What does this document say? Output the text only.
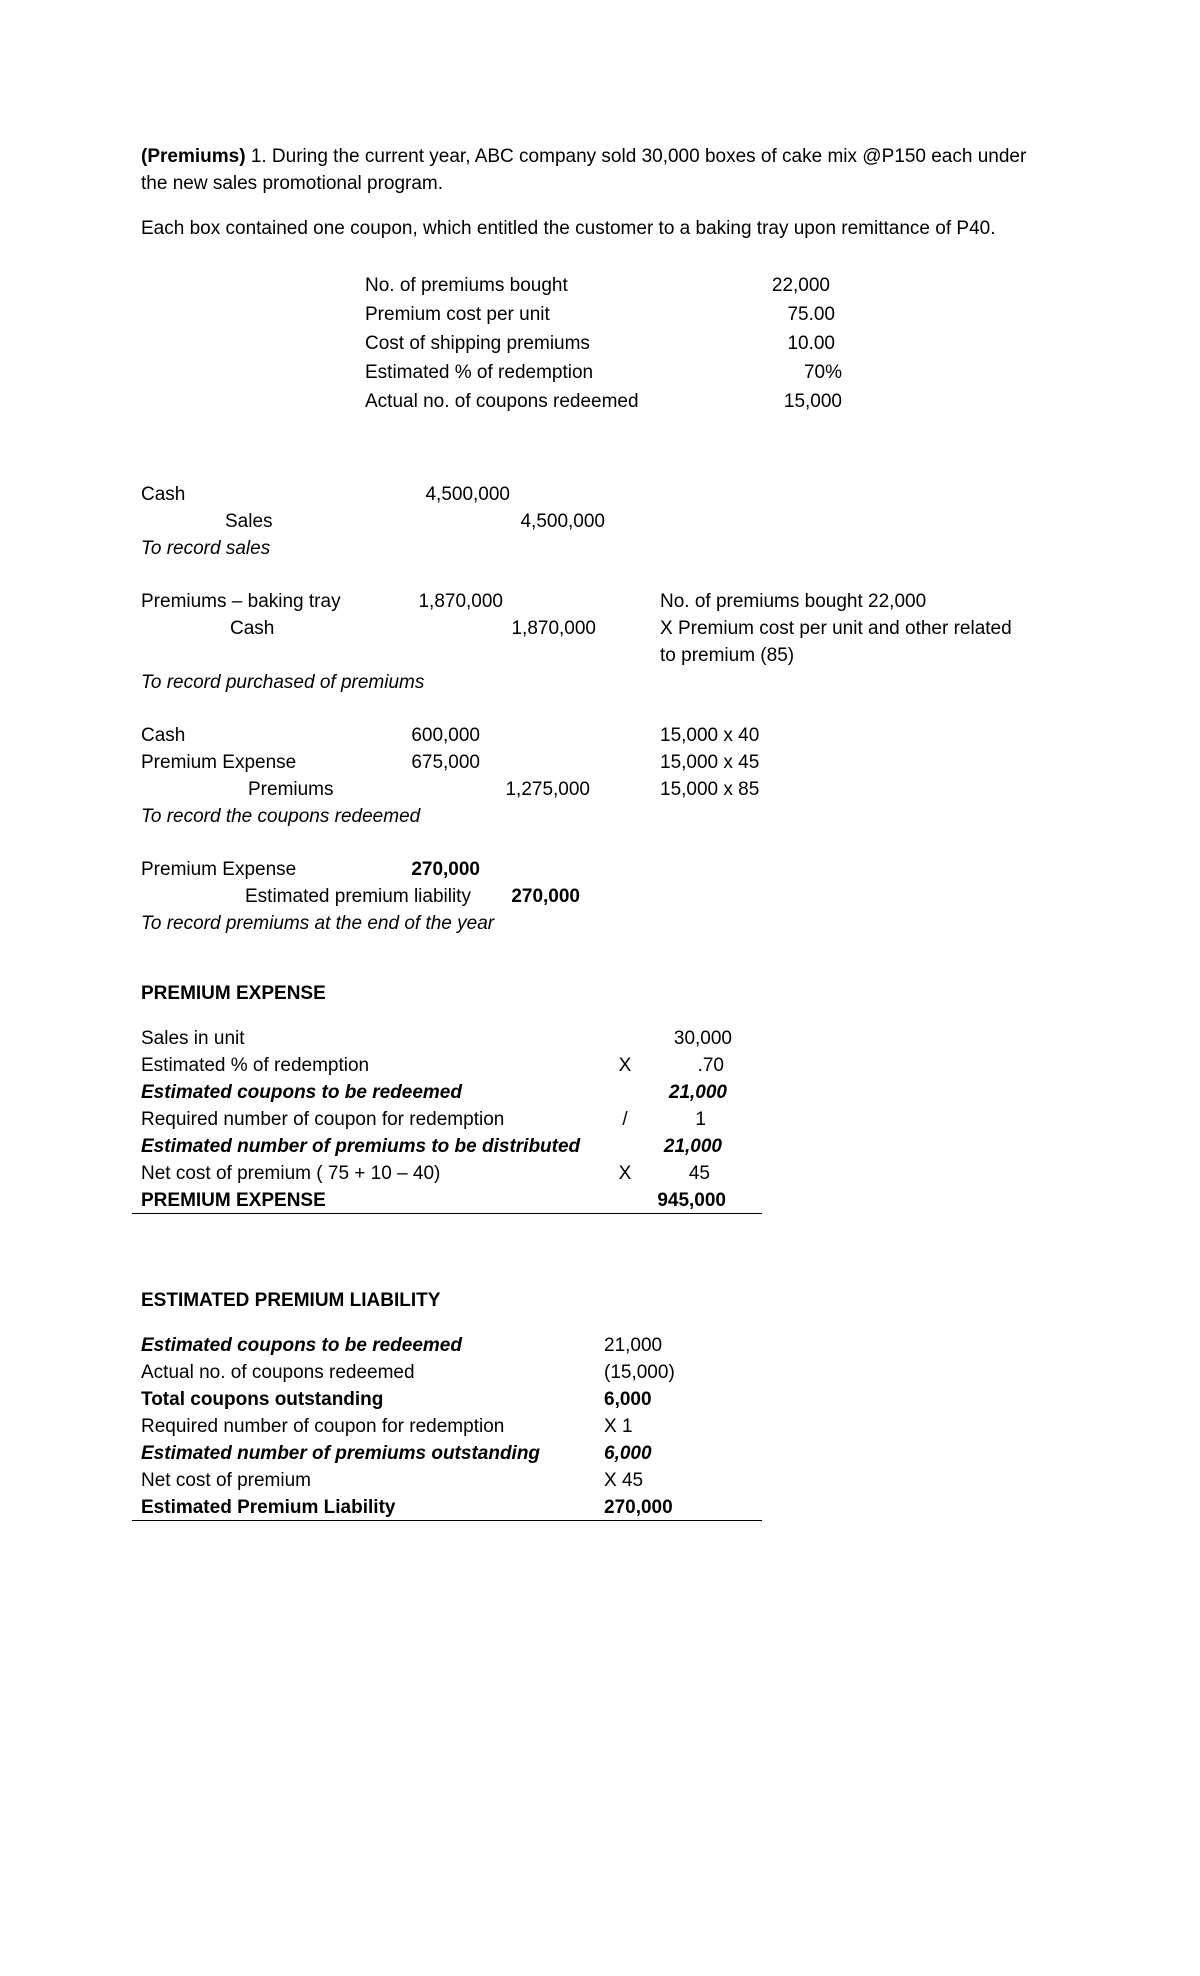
(Premiums) 1. During the current year, ABC company sold 30,000 boxes of cake mix @P150 each under
the new sales promotional program.
Each box contained one coupon, which entitled the customer to a baking tray upon remittance of P40.
No. of premiums bought	22,000
Premium cost per unit	75.00
Cost of shipping premiums	10.00
Estimated % of redemption	70%
Actual no. of coupons redeemed	15,000
Cash	4,500,000
Sales	4,500,000
To record sales
Premiums – baking tray	1,870,000
Cash	1,870,000
No. of premiums bought 22,000
X Premium cost per unit and other related
to premium (85)
To record purchased of premiums
Cash	600,000	15,000 x 40
Premium Expense	675,000	15,000 x 45
Premiums	1,275,000	15,000 x 85
To record the coupons redeemed
Premium Expense	270,000
Estimated premium liability	270,000
To record premiums at the end of the year
PREMIUM EXPENSE
Sales in unit	30,000
Estimated % of redemption	X	.70
Estimated coupons to be redeemed	21,000
Required number of coupon for redemption	/	1
Estimated number of premiums to be distributed	21,000
Net cost of premium ( 75 + 10 – 40)	X	45
PREMIUM EXPENSE	945,000
ESTIMATED PREMIUM LIABILITY
Estimated coupons to be redeemed	21,000
Actual no. of coupons redeemed	(15,000)
Total coupons outstanding	6,000
Required number of coupon for redemption	X 1
Estimated number of premiums outstanding	6,000
Net cost of premium	X 45
Estimated Premium Liability	270,000
